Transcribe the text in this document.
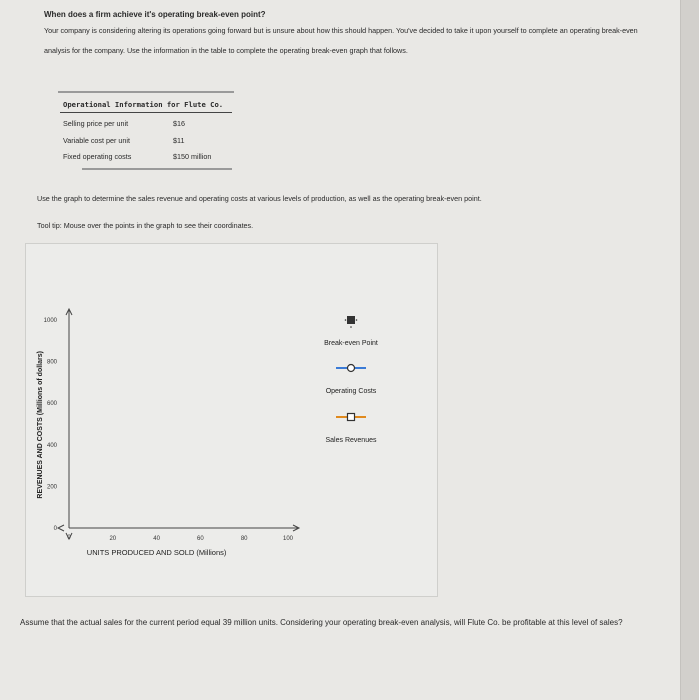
When does a firm achieve it's operating break-even point?
Your company is considering altering its operations going forward but is unsure about how this should happen. You've decided to take it upon yourself to complete an operating break-even analysis for the company. Use the information in the table to complete the operating break-even graph that follows.
Operational Information for Flute Co.
Selling price per unit	$16
Variable cost per unit	$11
Fixed operating costs	$150 million
Use the graph to determine the sales revenue and operating costs at various levels of production, as well as the operating break-even point.
Tool tip: Mouse over the points in the graph to see their coordinates.
0
200
400
600
800
1000
0	20	40	60	80	100
UNITS PRODUCED AND SOLD (Millions)
REVENUES AND COSTS (Millions of dollars)
Break-even Point
Operating Costs
Sales Revenues
Assume that the actual sales for the current period equal 39 million units. Considering your operating break-even analysis, will Flute Co. be profitable at this level of sales?
